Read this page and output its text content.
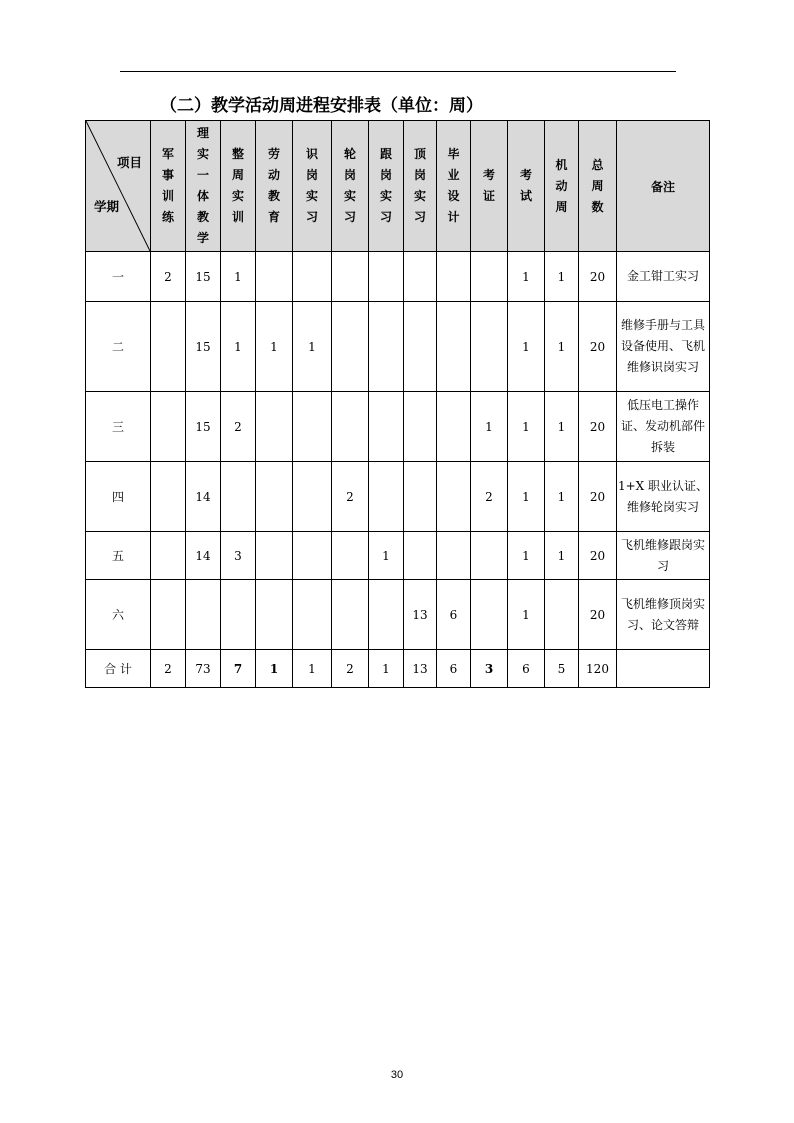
（二）教学活动周进程安排表（单位：周）
项目
学期	军事训练	理实一体教学	整周实训	劳动教育	识岗实习	轮岗实习	跟岗实习	顶岗实习	毕业设计	考证	考试	机动周	总周数	备注
一	2	15	1								1	1	20	金工钳工实习
二		15	1	1	1						1	1	20	维修手册与工具设备使用、飞机维修识岗实习
三		15	2							1	1	1	20	低压电工操作证、发动机部件拆装
四		14				2				2	1	1	20	1+X 职业认证、维修轮岗实习
五		14	3				1				1	1	20	飞机维修跟岗实习
六								13	6		1		20	飞机维修顶岗实习、论文答辩
合 计	2	73	7	1	1	2	1	13	6	3	6	5	120	
30
